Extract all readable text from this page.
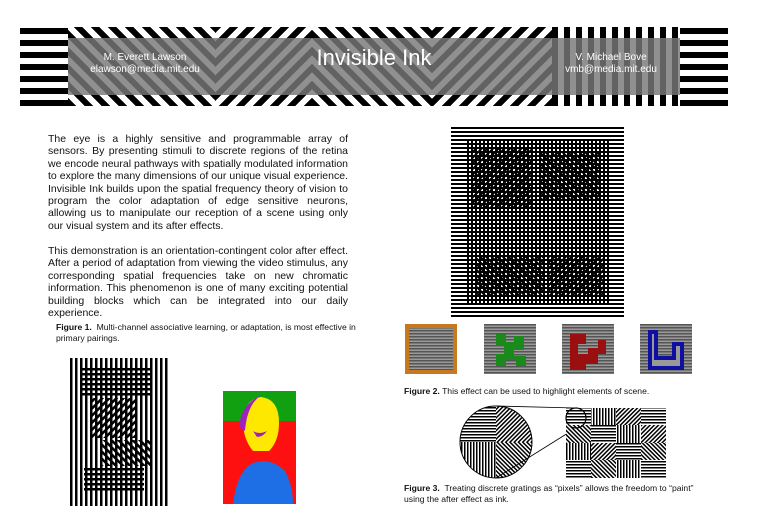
M. Everett Lawson
elawson@media.mit.edu	Invisible Ink	V. Michael Bove
vmb@media.mit.edu
The eye is a highly sensitive and programmable array of sensors. By presenting stimuli to discrete regions of the retina we encode neural pathways with spatially modulated information to explore the many dimensions of our unique visual experience. Invisible Ink builds upon the spatial frequency theory of vision to program the color adaptation of edge sensitive neurons, allowing us to manipulate our reception of a scene using only our visual system and its after effects.
This demonstration is an orientation-contingent color after effect. After a period of adaptation from viewing the video stimulus, any corresponding spatial frequencies take on new chromatic information. This phenomenon is one of many exciting potential building blocks which can be integrated into our daily experience.
Figure 1. Multi-channel associative learning, or adaptation, is most effective in primary pairings.
Figure 2. This effect can be used to highlight elements of scene.
Figure 3. Treating discrete gratings as “pixels” allows the freedom to “paint” using the after effect as ink.
